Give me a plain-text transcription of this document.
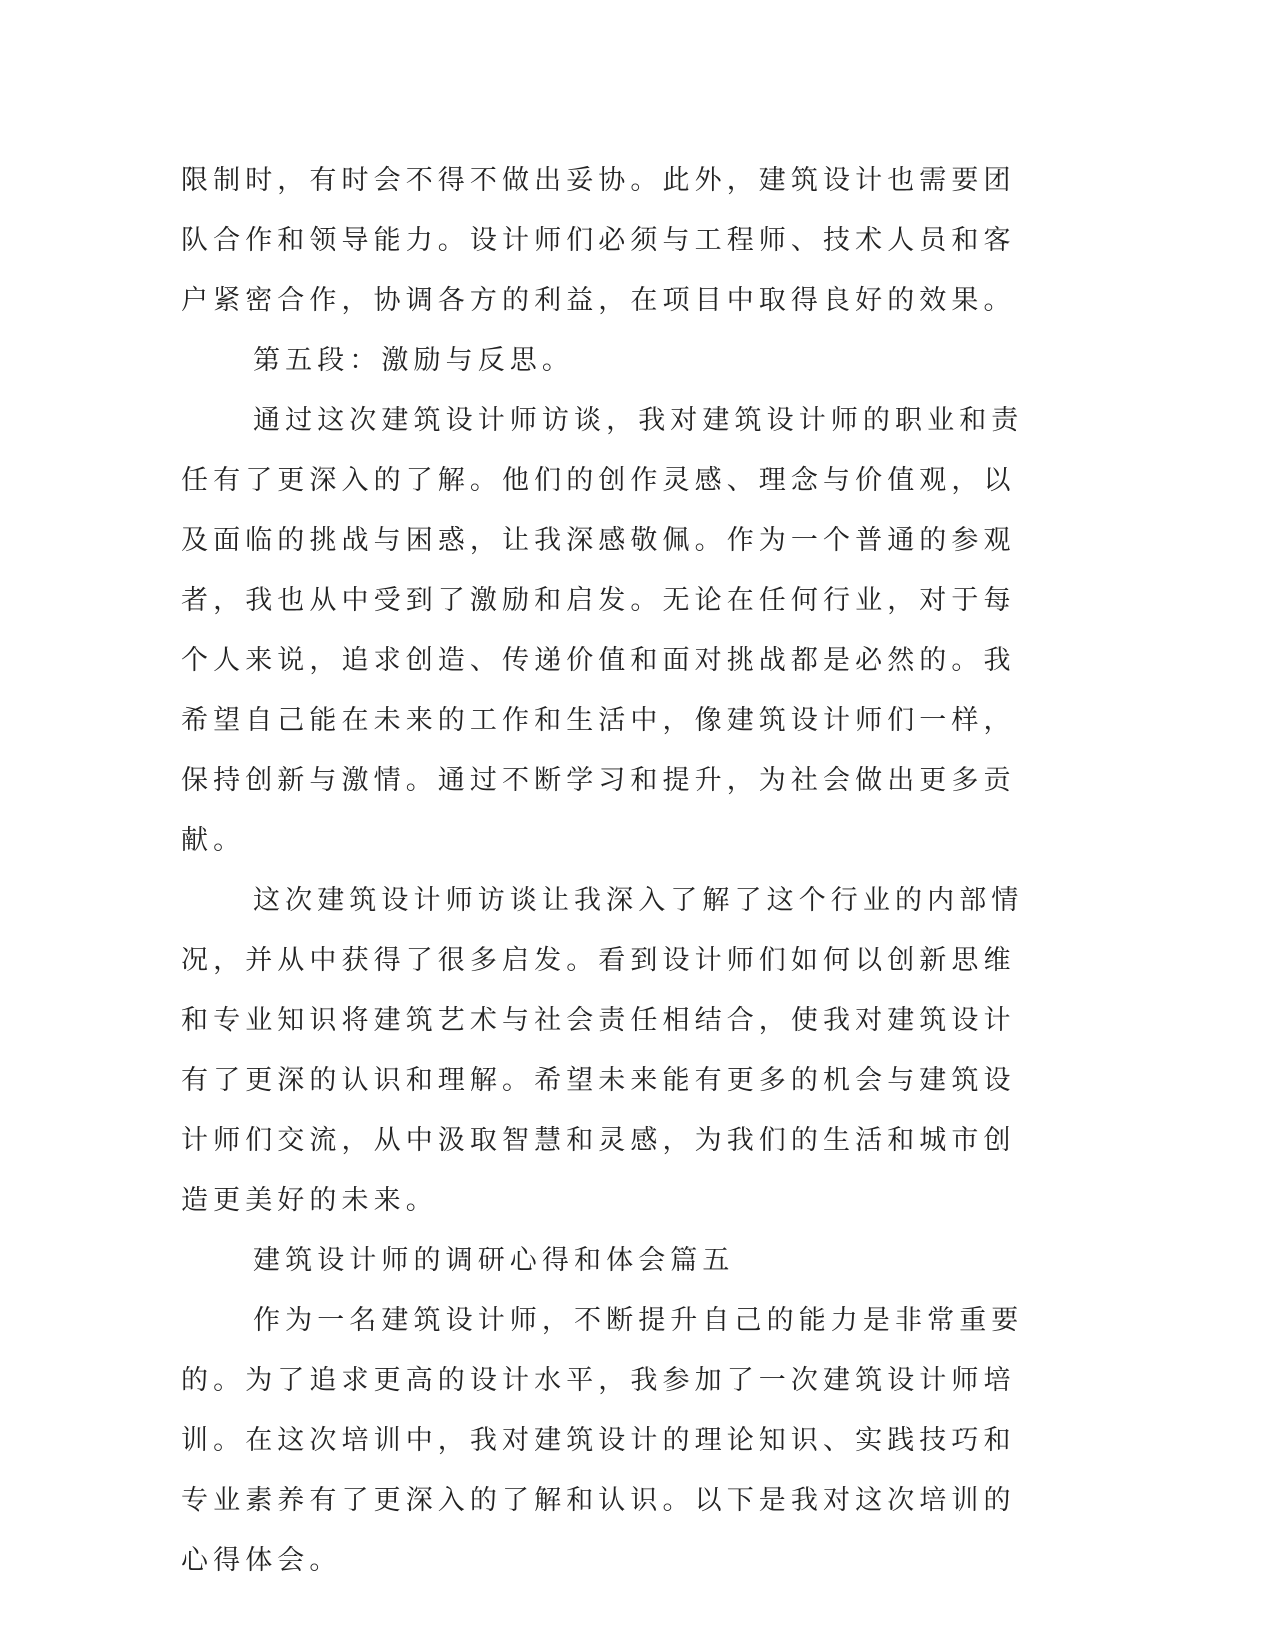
限制时，有时会不得不做出妥协。此外，建筑设计也需要团队合作和领导能力。设计师们必须与工程师、技术人员和客户紧密合作，协调各方的利益，在项目中取得良好的效果。

第五段：激励与反思。

通过这次建筑设计师访谈，我对建筑设计师的职业和责任有了更深入的了解。他们的创作灵感、理念与价值观，以及面临的挑战与困惑，让我深感敬佩。作为一个普通的参观者，我也从中受到了激励和启发。无论在任何行业，对于每个人来说，追求创造、传递价值和面对挑战都是必然的。我希望自己能在未来的工作和生活中，像建筑设计师们一样，保持创新与激情。通过不断学习和提升，为社会做出更多贡献。

这次建筑设计师访谈让我深入了解了这个行业的内部情况，并从中获得了很多启发。看到设计师们如何以创新思维和专业知识将建筑艺术与社会责任相结合，使我对建筑设计有了更深的认识和理解。希望未来能有更多的机会与建筑设计师们交流，从中汲取智慧和灵感，为我们的生活和城市创造更美好的未来。

建筑设计师的调研心得和体会篇五

作为一名建筑设计师，不断提升自己的能力是非常重要的。为了追求更高的设计水平，我参加了一次建筑设计师培训。在这次培训中，我对建筑设计的理论知识、实践技巧和专业素养有了更深入的了解和认识。以下是我对这次培训的心得体会。
